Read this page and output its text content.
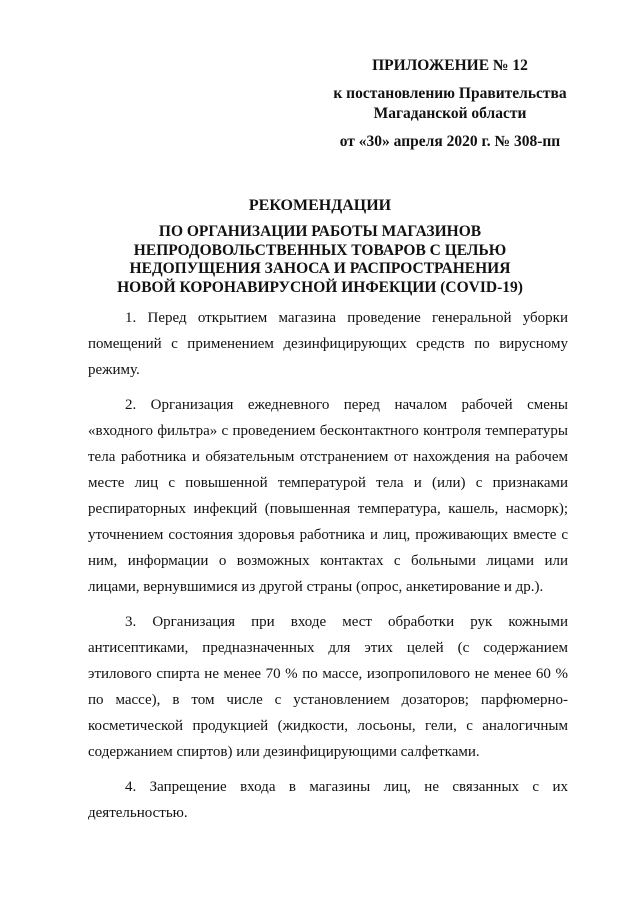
ПРИЛОЖЕНИЕ № 12
к постановлению Правительства
Магаданской области
от «30» апреля 2020 г. № 308-пп
РЕКОМЕНДАЦИИ
ПО ОРГАНИЗАЦИИ РАБОТЫ МАГАЗИНОВ
НЕПРОДОВОЛЬСТВЕННЫХ ТОВАРОВ С ЦЕЛЬЮ
НЕДОПУЩЕНИЯ ЗАНОСА И РАСПРОСТРАНЕНИЯ
НОВОЙ КОРОНАВИРУСНОЙ ИНФЕКЦИИ (COVID-19)

1. Перед открытием магазина проведение генеральной уборки помещений с применением дезинфицирующих средств по вирусному режиму.

2. Организация ежедневного перед началом рабочей смены «входного фильтра» с проведением бесконтактного контроля температуры тела работника и обязательным отстранением от нахождения на рабочем месте лиц с повышенной температурой тела и (или) с признаками респираторных инфекций (повышенная температура, кашель, насморк); уточнением состояния здоровья работника и лиц, проживающих вместе с ним, информации о возможных контактах с больными лицами или лицами, вернувшимися из другой страны (опрос, анкетирование и др.).

3. Организация при входе мест обработки рук кожными антисептиками, предназначенных для этих целей (с содержанием этилового спирта не менее 70 % по массе, изопропилового не менее 60 % по массе), в том числе с установлением дозаторов; парфюмерно-косметической продукцией (жидкости, лосьоны, гели, с аналогичным содержанием спиртов) или дезинфицирующими салфетками.

4. Запрещение входа в магазины лиц, не связанных с их деятельностью.
